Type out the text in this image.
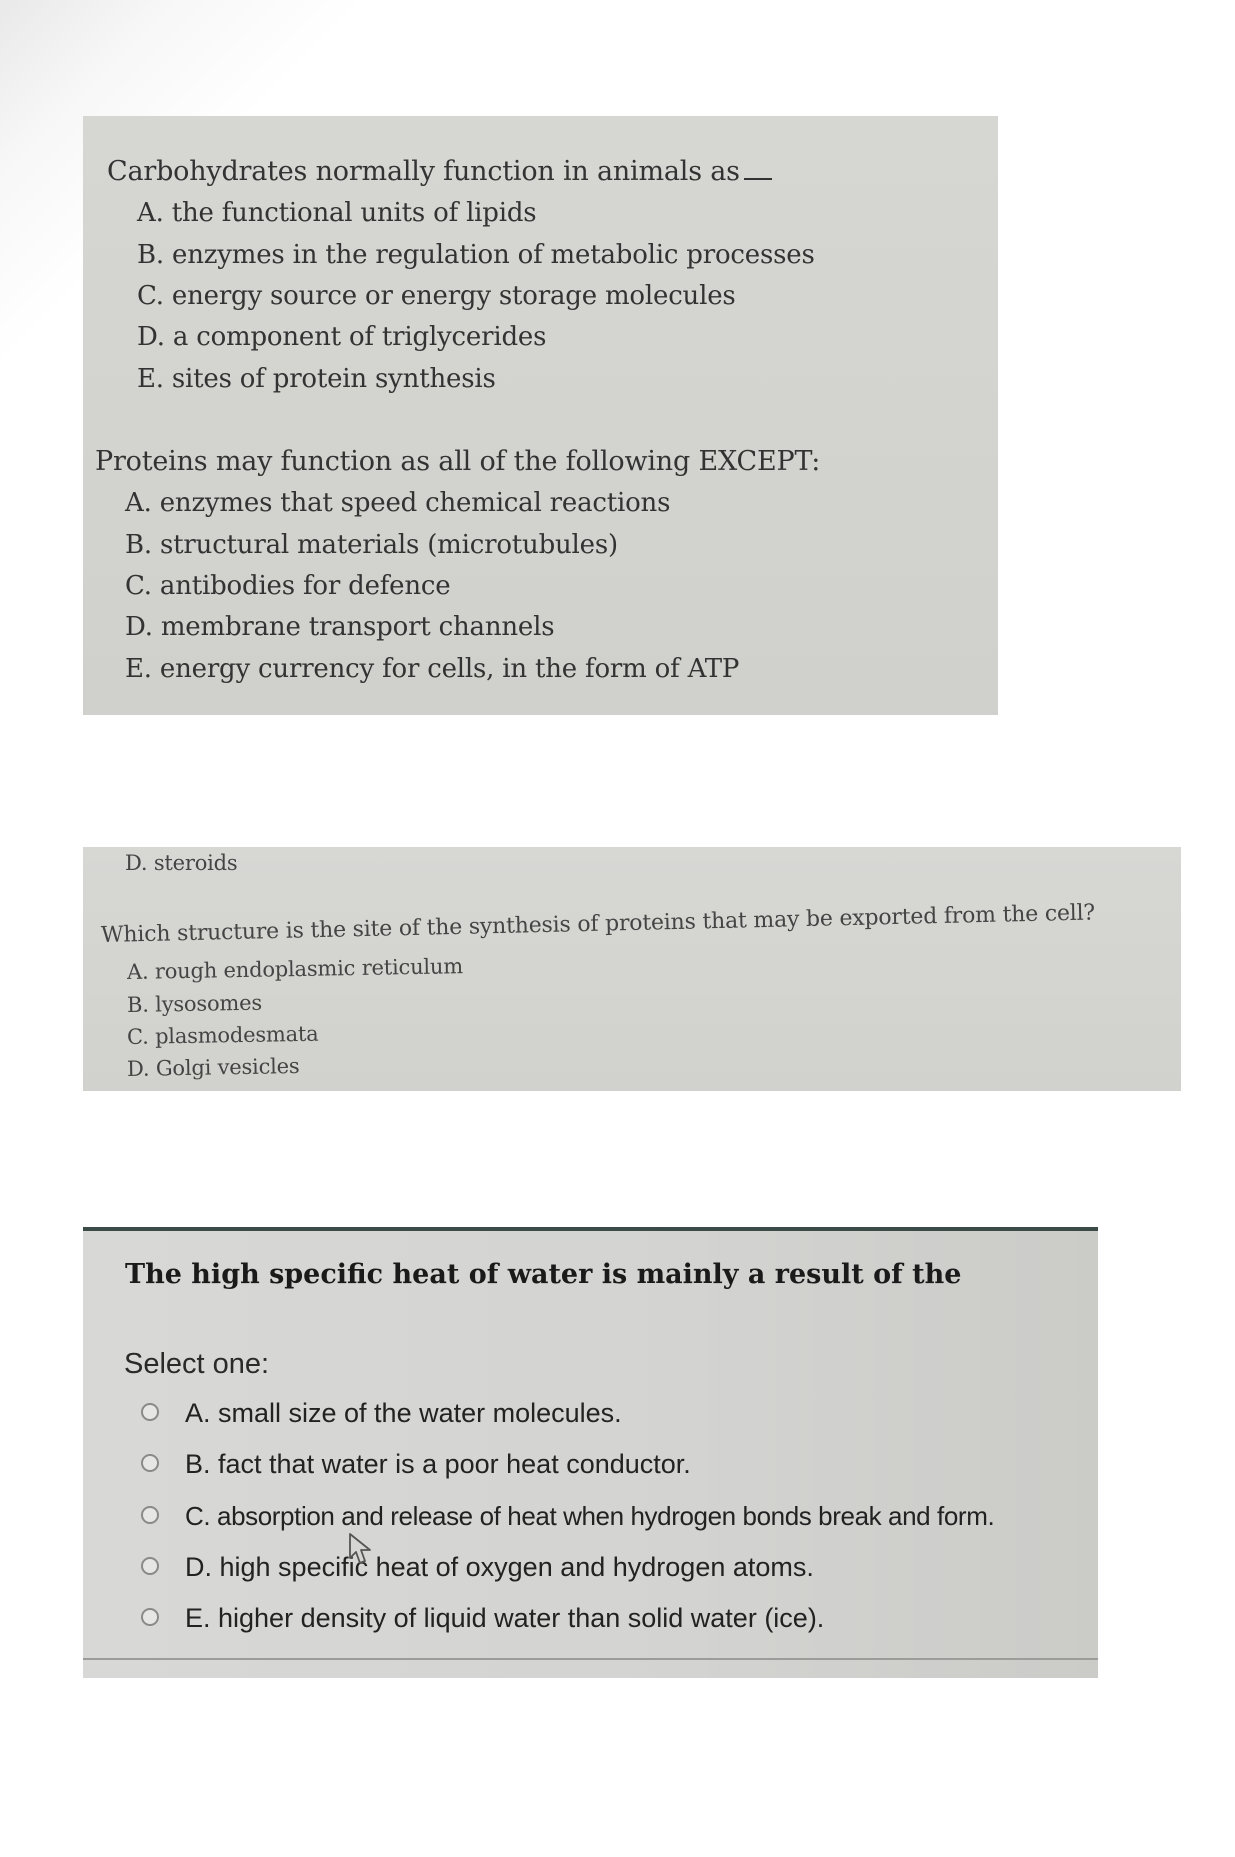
Carbohydrates normally function in animals as
A. the functional units of lipids
B. enzymes in the regulation of metabolic processes
C. energy source or energy storage molecules
D. a component of triglycerides
E. sites of protein synthesis
Proteins may function as all of the following EXCEPT:
A. enzymes that speed chemical reactions
B. structural materials (microtubules)
C. antibodies for defence
D. membrane transport channels
E. energy currency for cells, in the form of ATP
D. steroids
Which structure is the site of the synthesis of proteins that may be exported from the cell?
A. rough endoplasmic reticulum
B. lysosomes
C. plasmodesmata
D. Golgi vesicles
The high specific heat of water is mainly a result of the
Select one:
A. small size of the water molecules.
B. fact that water is a poor heat conductor.
C. absorption and release of heat when hydrogen bonds break and form.
D. high specific heat of oxygen and hydrogen atoms.
E. higher density of liquid water than solid water (ice).
